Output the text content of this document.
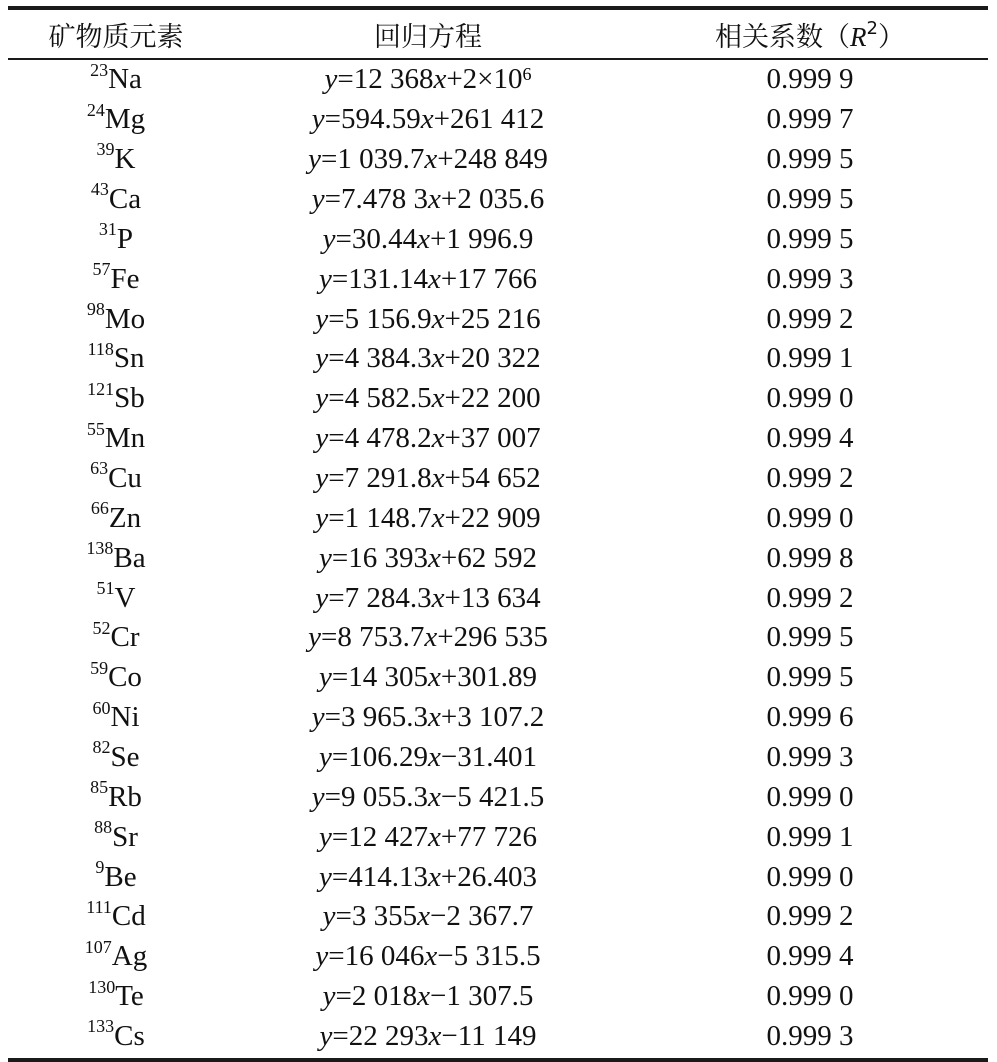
矿物质元素	回归方程	相关系数$(R^2)$
$^{23}$Na	y=12 $368x+2\times 10^6$	0.999 9
$^{24}$Mg	y=594.59x+261 412	0.999 7
$^{39}$K	y=1 039.7x+248 849	0.999 5
$^{43}$Ca	y=7.478 3x+2 035.6	0.999 5
$^{31}$P	y=30.44x+1 996.9	0.999 5
$^{57}$Fe	y=131.14x+17 766	0.999 3
$^{98}$Mo	y=5 156.9x+25 216	0.999 2
$^{118}$Sn	y=4 384.3x+20 322	0.999 1
$^{121}$Sb	y=4 582.5x+22 200	0.999 0
$^{55}$Mn	y=4 478.2x+37 007	0.999 4
$^{63}$Cu	y=7 291.8x+54 652	0.999 2
$^{66}$Zn	y=1 148.7x+22 909	0.999 0
$^{138}$Ba	y=16 393x+62 592	0.999 8
$^{51}$V	y=7 284.3x+13 634	0.999 2
$^{52}$Cr	y=8 753.7x+296 535	0.999 5
$^{59}$Co	y=14 305x+301.89	0.999 5
$^{60}$Ni	y=3 965.3x+3 107.2	0.999 6
$^{82}$Se	y=106.29x−31.401	0.999 3
$^{85}$Rb	y=9 055.3x−5 421.5	0.999 0
$^{88}$Sr	y=12 427x+77 726	0.999 1
$^9$Be	y=414.13x+26.403	0.999 0
$^{111}$Cd	y=3 355x−2 367.7	0.999 2
$^{107}$Ag	y=16 046x−5 315.5	0.999 4
$^{130}$Te	y=2 018x−1 307.5	0.999 0
$^{133}$Cs	y=22 293x−11 149	0.999 3
